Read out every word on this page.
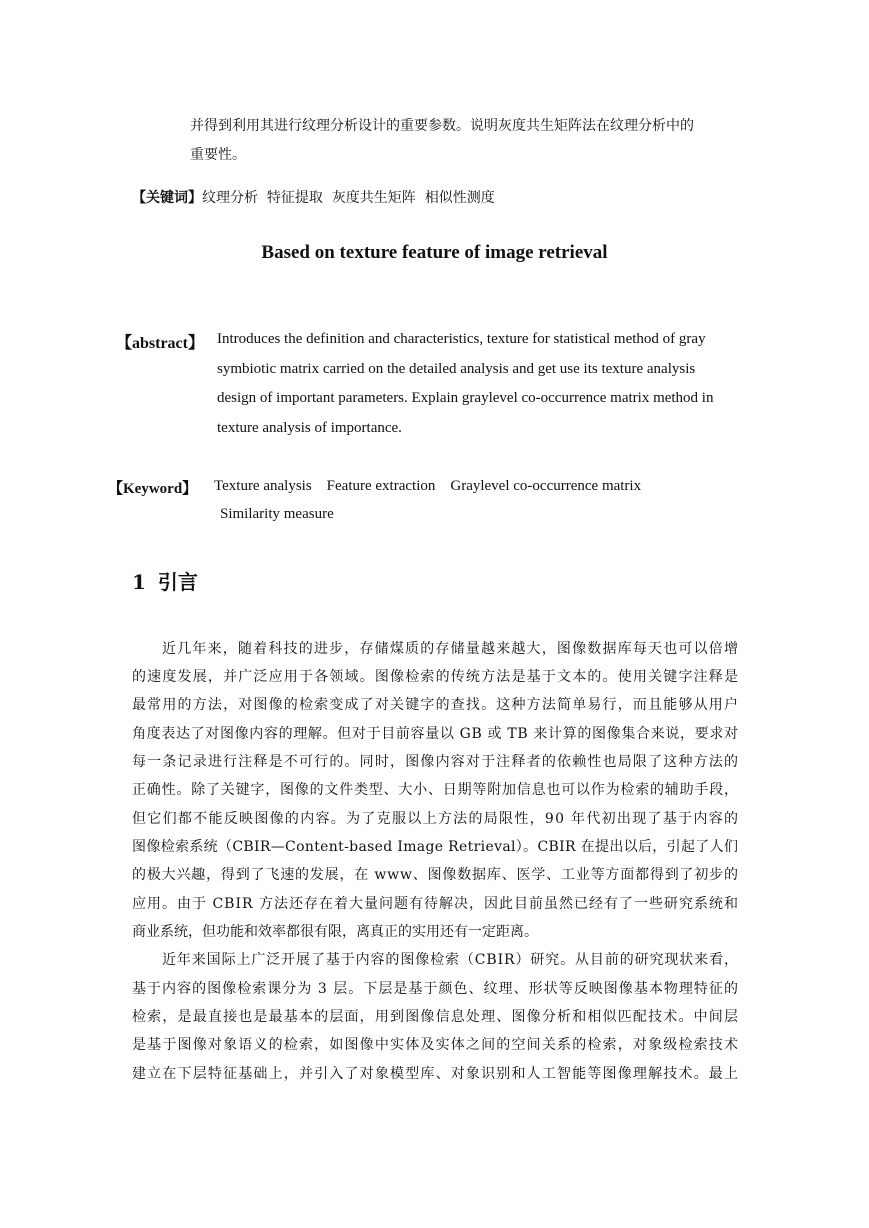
并得到利用其进行纹理分析设计的重要参数。说明灰度共生矩阵法在纹理分析中的
重要性。
【关键词】纹理分析 特征提取 灰度共生矩阵 相似性测度
Based on texture feature of image retrieval
【abstract】 Introduces the definition and characteristics, texture for statistical method of gray
symbiotic matrix carried on the detailed analysis and get use its texture analysis
design of important parameters. Explain graylevel co-occurrence matrix method in
texture analysis of importance.
【Keyword】 Texture analysis Feature extraction Graylevel co-occurrence matrix
Similarity measure
1 引言
近几年来，随着科技的进步，存储煤质的存储量越来越大，图像数据库每天也可以倍增
的速度发展，并广泛应用于各领域。图像检索的传统方法是基于文本的。使用关键字注释是
最常用的方法，对图像的检索变成了对关键字的查找。这种方法简单易行，而且能够从用户
角度表达了对图像内容的理解。但对于目前容量以 GB 或 TB 来计算的图像集合来说，要求对
每一条记录进行注释是不可行的。同时，图像内容对于注释者的依赖性也局限了这种方法的
正确性。除了关键字，图像的文件类型、大小、日期等附加信息也可以作为检索的辅助手段，
但它们都不能反映图像的内容。为了克服以上方法的局限性，90 年代初出现了基于内容的
图像检索系统（CBIR—Content-based Image Retrieval）。CBIR 在提出以后，引起了人们
的极大兴趣，得到了飞速的发展，在 www、图像数据库、医学、工业等方面都得到了初步的
应用。由于 CBIR 方法还存在着大量问题有待解决，因此目前虽然已经有了一些研究系统和
商业系统，但功能和效率都很有限，离真正的实用还有一定距离。
近年来国际上广泛开展了基于内容的图像检索（CBIR）研究。从目前的研究现状来看，
基于内容的图像检索课分为 3 层。下层是基于颜色、纹理、形状等反映图像基本物理特征的
检索，是最直接也是最基本的层面，用到图像信息处理、图像分析和相似匹配技术。中间层
是基于图像对象语义的检索，如图像中实体及实体之间的空间关系的检索，对象级检索技术
建立在下层特征基础上，并引入了对象模型库、对象识别和人工智能等图像理解技术。最上
